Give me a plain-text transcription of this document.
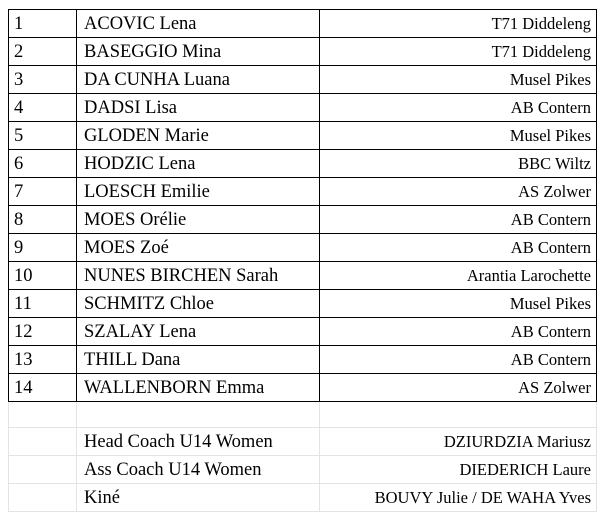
1	ACOVIC Lena	T71 Diddeleng
2	BASEGGIO Mina	T71 Diddeleng
3	DA CUNHA Luana	Musel Pikes
4	DADSI Lisa	AB Contern
5	GLODEN Marie	Musel Pikes
6	HODZIC Lena	BBC Wiltz
7	LOESCH Emilie	AS Zolwer
8	MOES Orélie	AB Contern
9	MOES Zoé	AB Contern
10	NUNES BIRCHEN Sarah	Arantia Larochette
11	SCHMITZ Chloe	Musel Pikes
12	SZALAY Lena	AB Contern
13	THILL Dana	AB Contern
14	WALLENBORN Emma	AS Zolwer

	Head Coach U14 Women	DZIURDZIA Mariusz
	Ass Coach U14 Women	DIEDERICH Laure
	Kiné	BOUVY Julie / DE WAHA Yves
